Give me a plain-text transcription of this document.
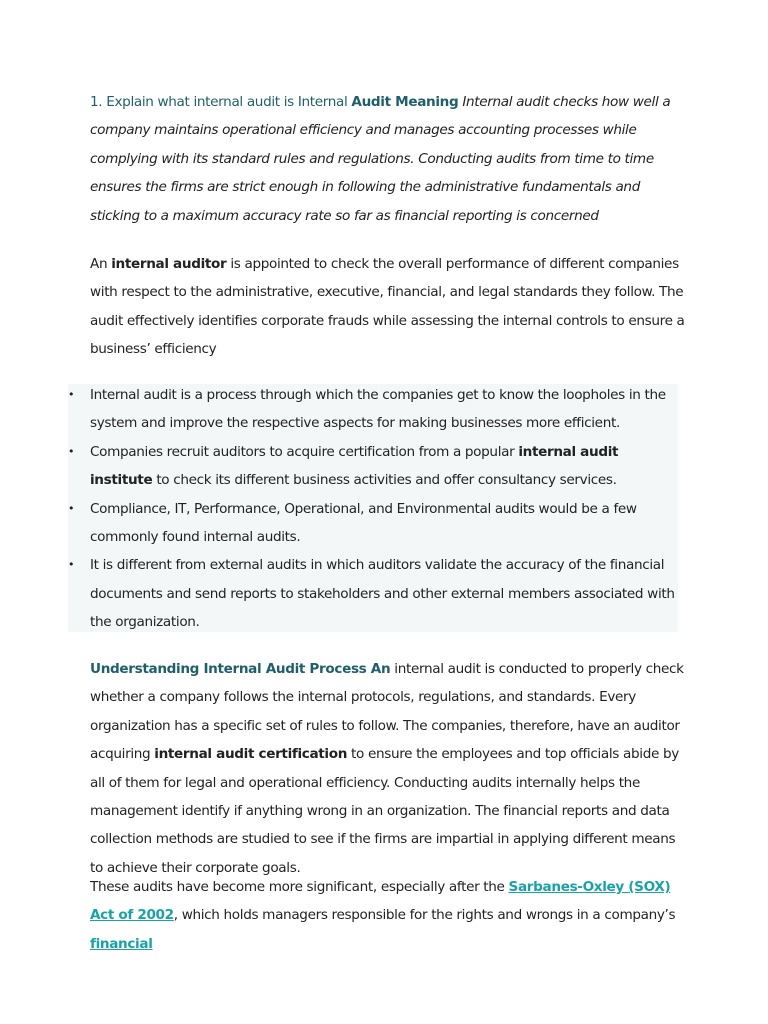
1. Explain what internal audit is Internal Audit Meaning Internal audit checks how well a company maintains operational efficiency and manages accounting processes while complying with its standard rules and regulations. Conducting audits from time to time ensures the firms are strict enough in following the administrative fundamentals and sticking to a maximum accuracy rate so far as financial reporting is concerned

An internal auditor is appointed to check the overall performance of different companies with respect to the administrative, executive, financial, and legal standards they follow. The audit effectively identifies corporate frauds while assessing the internal controls to ensure a business’ efficiency

• Internal audit is a process through which the companies get to know the loopholes in the system and improve the respective aspects for making businesses more efficient.
• Companies recruit auditors to acquire certification from a popular internal audit institute to check its different business activities and offer consultancy services.
• Compliance, IT, Performance, Operational, and Environmental audits would be a few commonly found internal audits.
• It is different from external audits in which auditors validate the accuracy of the financial documents and send reports to stakeholders and other external members associated with the organization.

Understanding Internal Audit Process An internal audit is conducted to properly check whether a company follows the internal protocols, regulations, and standards. Every organization has a specific set of rules to follow. The companies, therefore, have an auditor acquiring internal audit certification to ensure the employees and top officials abide by all of them for legal and operational efficiency. Conducting audits internally helps the management identify if anything wrong in an organization. The financial reports and data collection methods are studied to see if the firms are impartial in applying different means to achieve their corporate goals.

These audits have become more significant, especially after the Sarbanes-Oxley (SOX) Act of 2002, which holds managers responsible for the rights and wrongs in a company’s financial
